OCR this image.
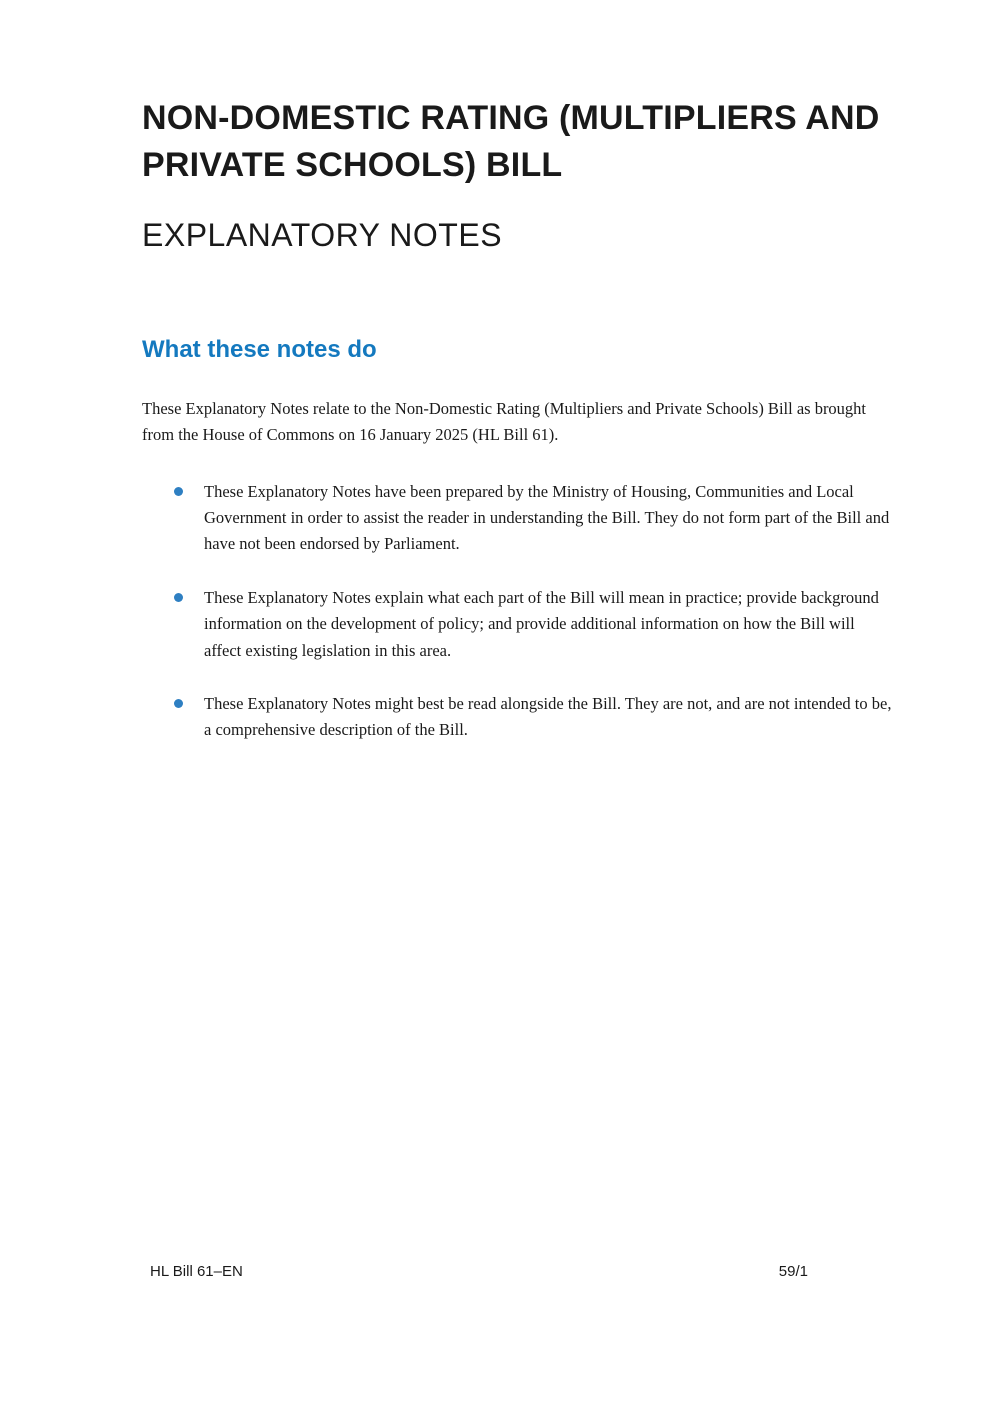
NON-DOMESTIC RATING (MULTIPLIERS AND PRIVATE SCHOOLS) BILL
EXPLANATORY NOTES
What these notes do

These Explanatory Notes relate to the Non-Domestic Rating (Multipliers and Private Schools) Bill as brought from the House of Commons on 16 January 2025 (HL Bill 61).

These Explanatory Notes have been prepared by the Ministry of Housing, Communities and Local Government in order to assist the reader in understanding the Bill. They do not form part of the Bill and have not been endorsed by Parliament.
These Explanatory Notes explain what each part of the Bill will mean in practice; provide background information on the development of policy; and provide additional information on how the Bill will affect existing legislation in this area.
These Explanatory Notes might best be read alongside the Bill. They are not, and are not intended to be, a comprehensive description of the Bill.
HL Bill 61–EN	59/1
